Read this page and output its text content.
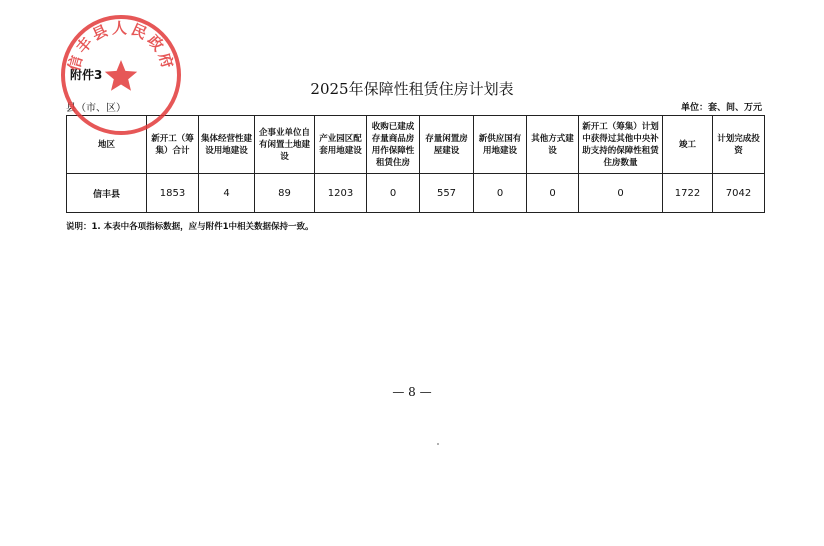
附件3
2025年保障性租赁住房计划表
县（市、区）	单位：套、间、万元
地区	新开工（筹集）合计	集体经营性建设用地建设	企事业单位自有闲置土地建设	产业园区配套用地建设	收购已建成存量商品房用作保障性租赁住房	存量闲置房屋建设	新供应国有用地建设	其他方式建设	新开工（筹集）计划中获得过其他中央补助支持的保障性租赁住房数量	竣工	计划完成投资
信丰县	1853	4	89	1203	0	557	0	0	0	1722	7042
说明：1. 本表中各项指标数据，应与附件1中相关数据保持一致。
— 8 —
信丰县人民政府
